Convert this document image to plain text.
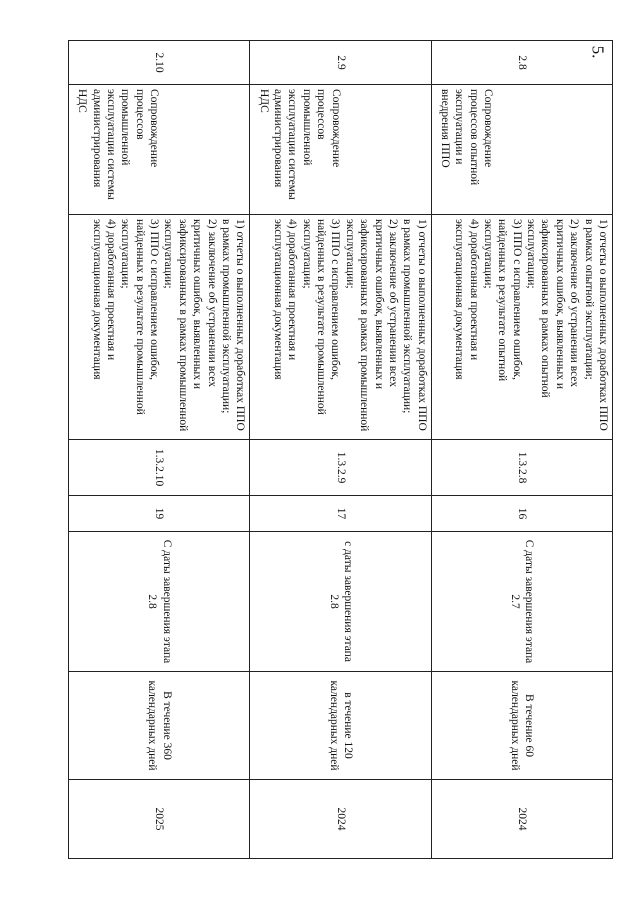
5.
2.8	Сопровождение процессов опытной эксплуатации и внедрения ППО	1) отчеты о выполненных доработках ППО в рамках опытной эксплуатации;
2) заключение об устранении всех критичных ошибок, выявленных и зафиксированных в рамках опытной эксплуатации;
3) ППО с исправлением ошибок, найденных в результате опытной эксплуатации;
4) доработанная проектная и эксплуатационная документация	1.3.2.8	16	С даты завершения этапа 2.7	В течение 60 календарных дней	2024
2.9	Сопровождение процессов промышленной эксплуатации системы администрирования НДС	1) отчеты о выполненных доработках ППО в рамках промышленной эксплуатации;
2) заключение об устранении всех критичных ошибок, выявленных и зафиксированных в рамках промышленной эксплуатации;
3) ППО с исправлением ошибок, найденных в результате промышленной эксплуатации;
4) доработанная проектная и эксплуатационная документация	1.3.2.9	17	с даты завершения этапа 2.8	в течение 120 календарных дней	2024
2.10	Сопровождение процессов промышленной эксплуатации системы администрирования НДС	1) отчеты о выполненных доработках ППО в рамках промышленной эксплуатации;
2) заключение об устранении всех критичных ошибок, выявленных и зафиксированных в рамках промышленной эксплуатации;
3) ППО с исправлением ошибок, найденных в результате промышленной эксплуатации;
4) доработанная проектная и эксплуатационная документация	1.3.2.10	19	С даты завершения этапа 2.8	В течение 360 календарных дней	2025
